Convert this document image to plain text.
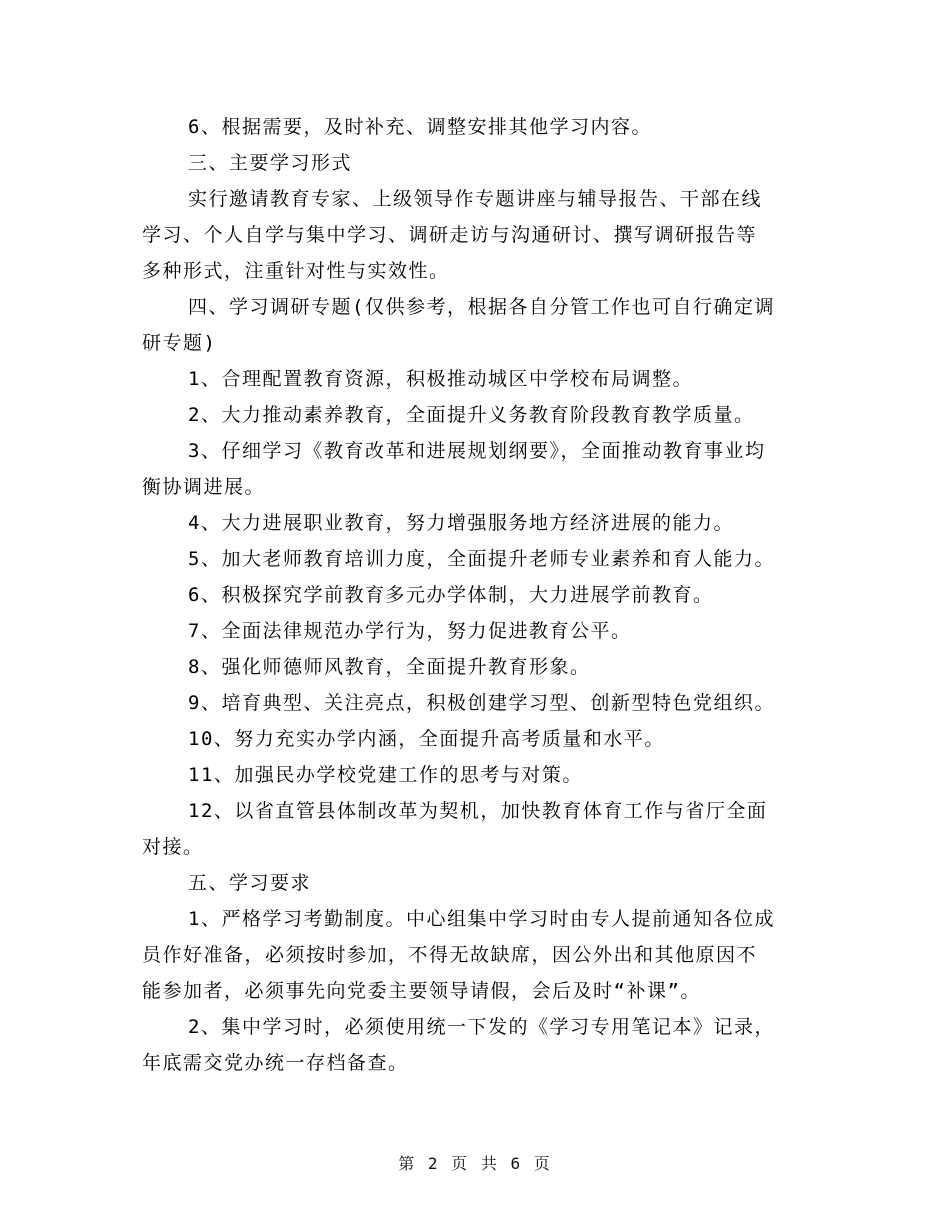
6、根据需要，及时补充、调整安排其他学习内容。

三、主要学习形式

实行邀请教育专家、上级领导作专题讲座与辅导报告、干部在线

学习、个人自学与集中学习、调研走访与沟通研讨、撰写调研报告等

多种形式，注重针对性与实效性。

四、学习调研专题(仅供参考，根据各自分管工作也可自行确定调

研专题)

1、合理配置教育资源，积极推动城区中学校布局调整。

2、大力推动素养教育，全面提升义务教育阶段教育教学质量。

3、仔细学习《教育改革和进展规划纲要》，全面推动教育事业均

衡协调进展。

4、大力进展职业教育，努力增强服务地方经济进展的能力。

5、加大老师教育培训力度，全面提升老师专业素养和育人能力。

6、积极探究学前教育多元办学体制，大力进展学前教育。

7、全面法律规范办学行为，努力促进教育公平。

8、强化师德师风教育，全面提升教育形象。

9、培育典型、关注亮点，积极创建学习型、创新型特色党组织。

10、努力充实办学内涵，全面提升高考质量和水平。

11、加强民办学校党建工作的思考与对策。

12、以省直管县体制改革为契机，加快教育体育工作与省厅全面

对接。

五、学习要求

1、严格学习考勤制度。中心组集中学习时由专人提前通知各位成

员作好准备，必须按时参加，不得无故缺席，因公外出和其他原因不

能参加者，必须事先向党委主要领导请假，会后及时“补课”。

2、集中学习时，必须使用统一下发的《学习专用笔记本》记录，

年底需交党办统一存档备查。

第 2 页 共 6 页
